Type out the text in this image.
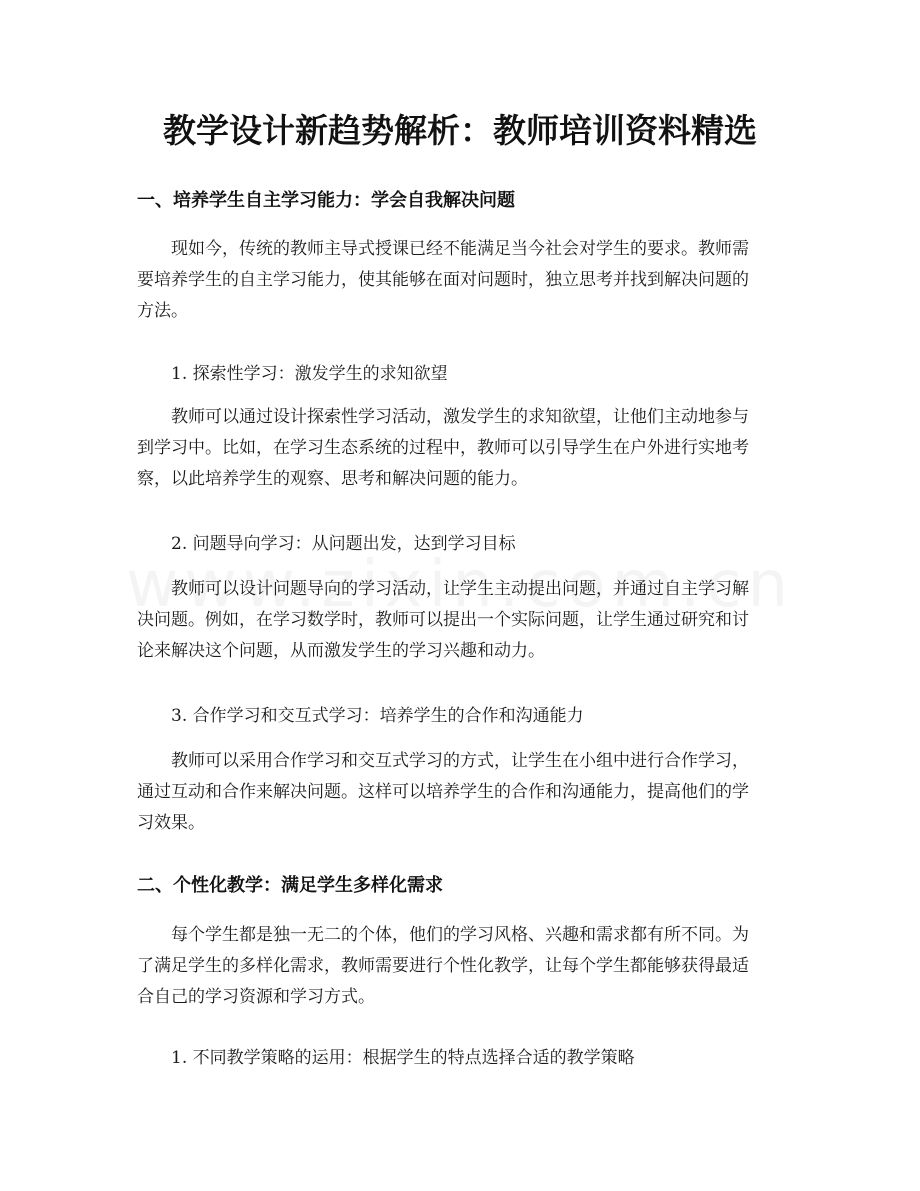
教学设计新趋势解析：教师培训资料精选
一、培养学生自主学习能力：学会自我解决问题

现如今，传统的教师主导式授课已经不能满足当今社会对学生的要求。教师需
要培养学生的自主学习能力，使其能够在面对问题时，独立思考并找到解决问题的
方法。

1. 探索性学习：激发学生的求知欲望

教师可以通过设计探索性学习活动，激发学生的求知欲望，让他们主动地参与
到学习中。比如，在学习生态系统的过程中，教师可以引导学生在户外进行实地考
察，以此培养学生的观察、思考和解决问题的能力。

2. 问题导向学习：从问题出发，达到学习目标

教师可以设计问题导向的学习活动，让学生主动提出问题，并通过自主学习解
决问题。例如，在学习数学时，教师可以提出一个实际问题，让学生通过研究和讨
论来解决这个问题，从而激发学生的学习兴趣和动力。

3. 合作学习和交互式学习：培养学生的合作和沟通能力

教师可以采用合作学习和交互式学习的方式，让学生在小组中进行合作学习，
通过互动和合作来解决问题。这样可以培养学生的合作和沟通能力，提高他们的学
习效果。

二、个性化教学：满足学生多样化需求

每个学生都是独一无二的个体，他们的学习风格、兴趣和需求都有所不同。为
了满足学生的多样化需求，教师需要进行个性化教学，让每个学生都能够获得最适
合自己的学习资源和学习方式。

1. 不同教学策略的运用：根据学生的特点选择合适的教学策略
